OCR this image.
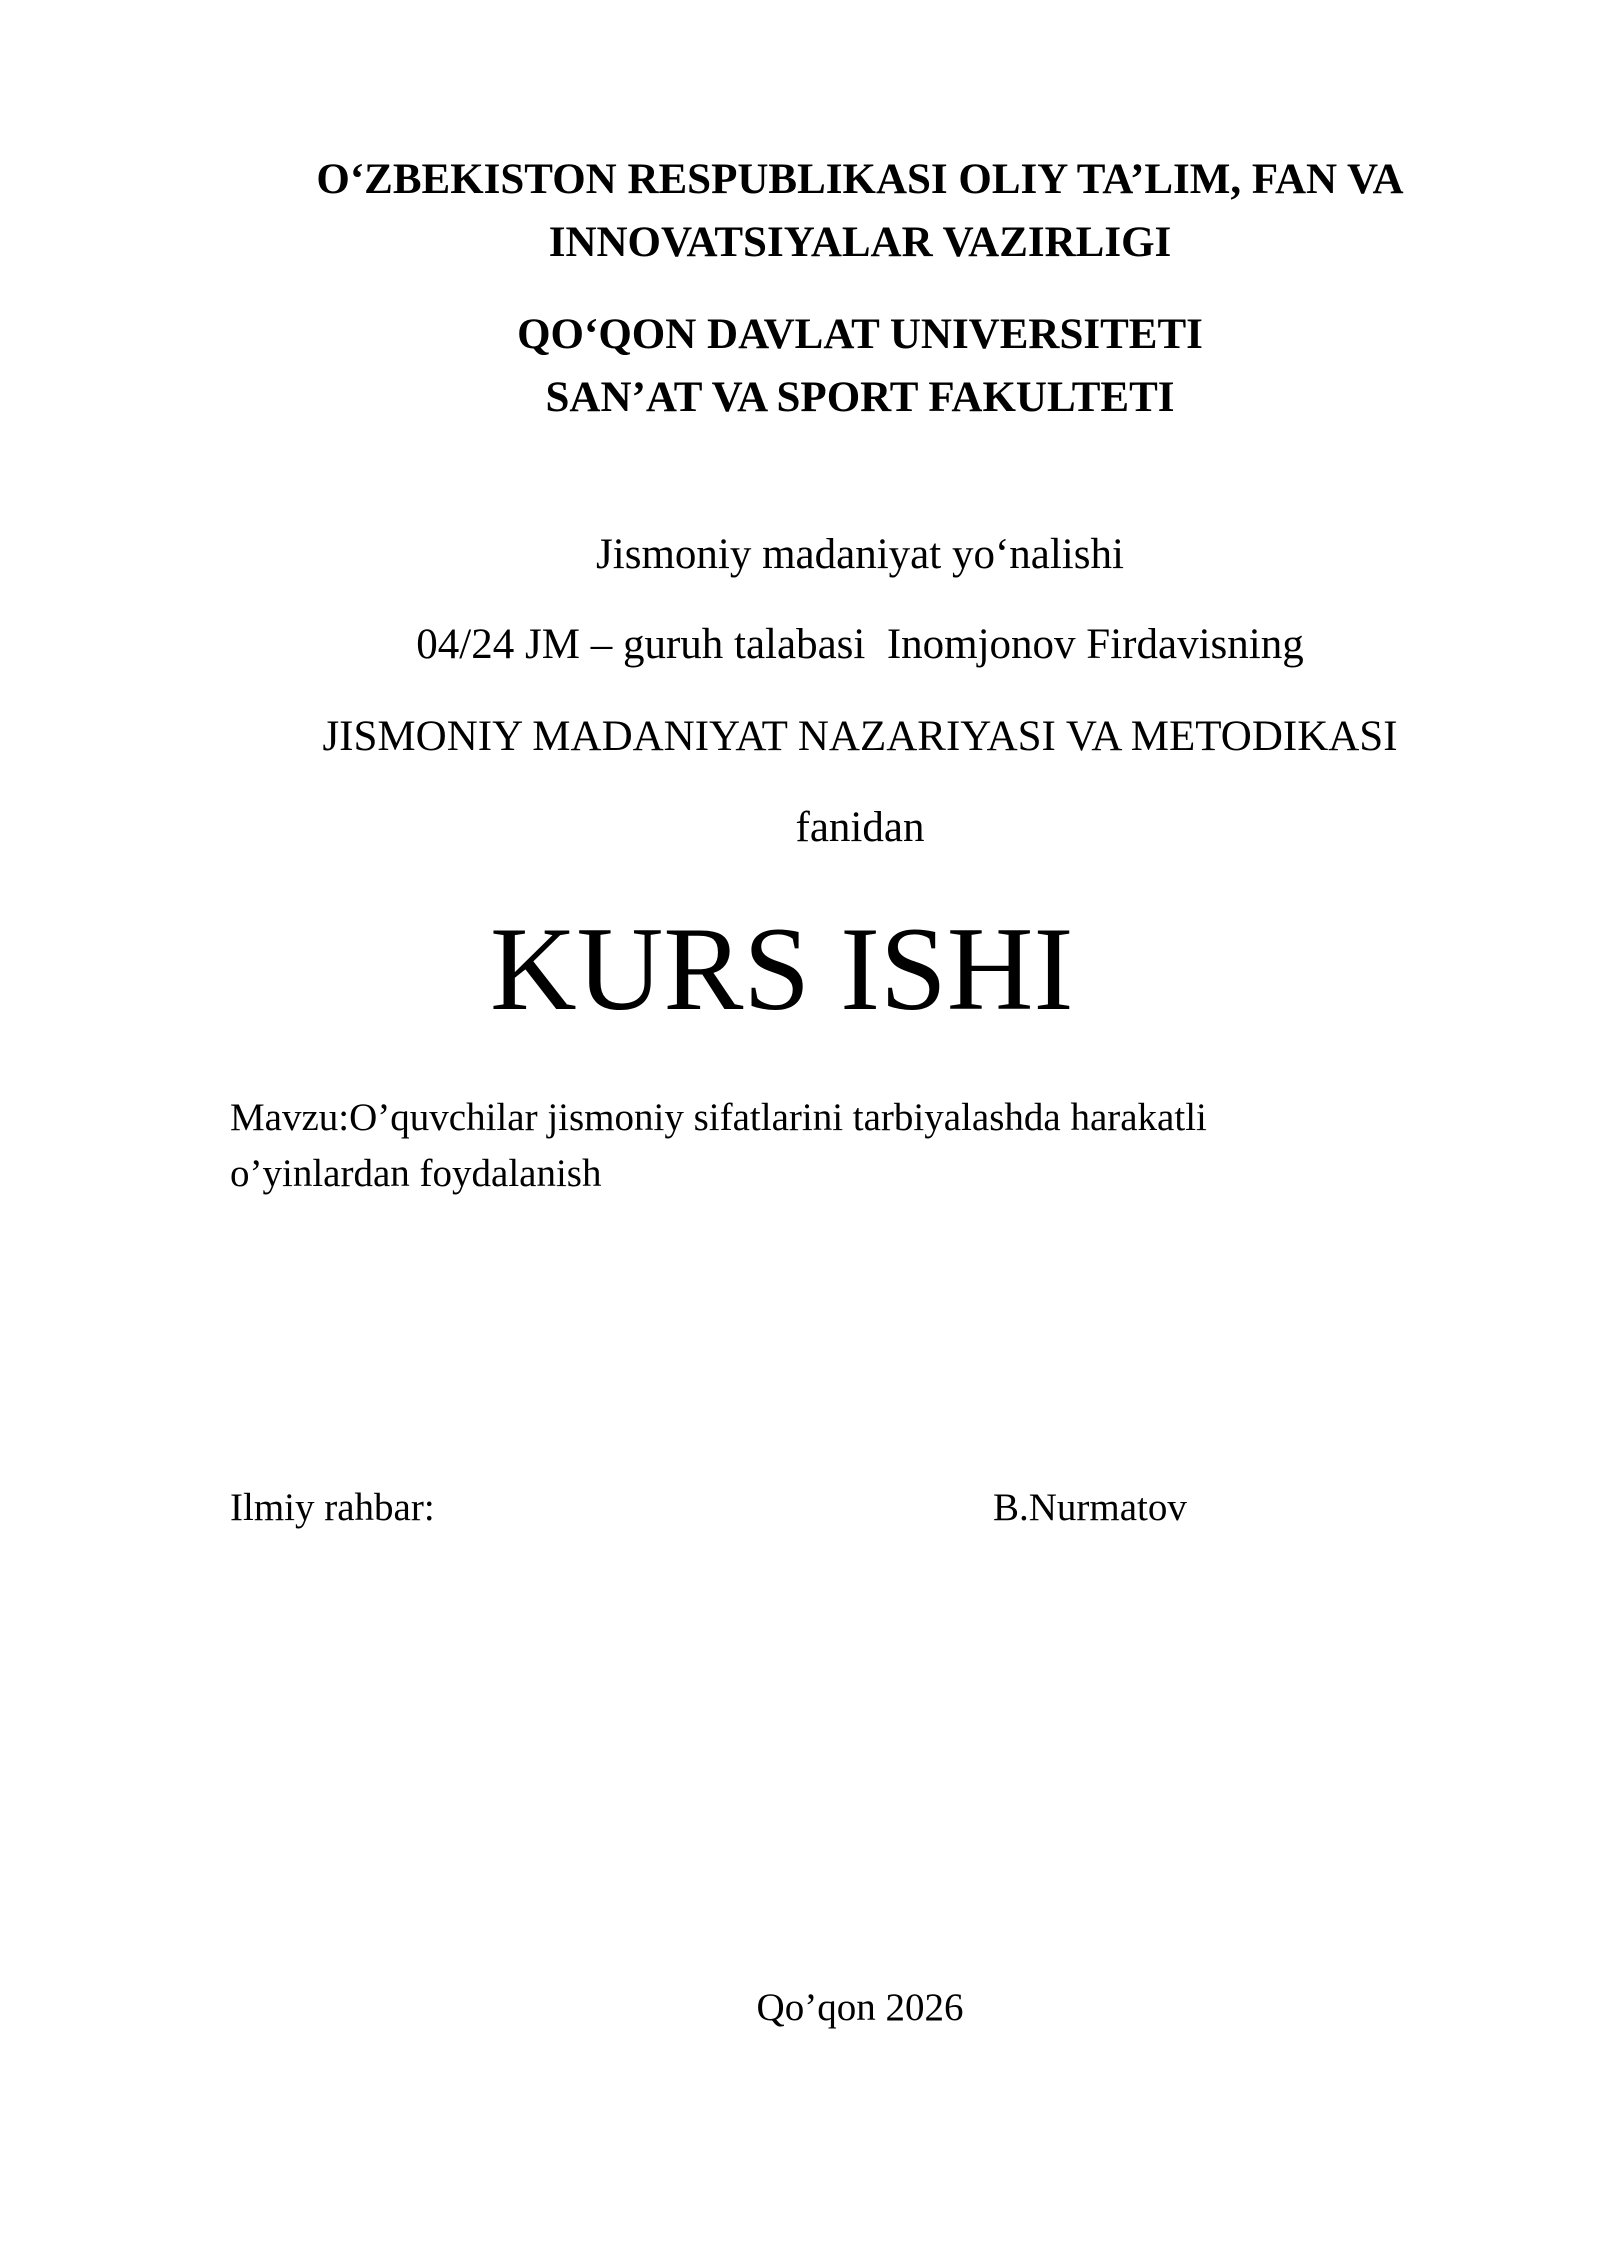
O‘ZBEKISTON RESPUBLIKASI OLIY TA’LIM, FAN VA
INNOVATSIYALAR VAZIRLIGI
QO‘QON DAVLAT UNIVERSITETI
SAN’AT VA SPORT FAKULTETI
Jismoniy madaniyat yo‘nalishi
04/24 JM – guruh talabasi  Inomjonov Firdavisning
JISMONIY MADANIYAT NAZARIYASI VA METODIKASI
fanidan
KURS ISHI
Mavzu:O’quvchilar jismoniy sifatlarini tarbiyalashda harakatli o’yinlardan foydalanish
Ilmiy rahbar:	B.Nurmatov
Qo’qon 2026
